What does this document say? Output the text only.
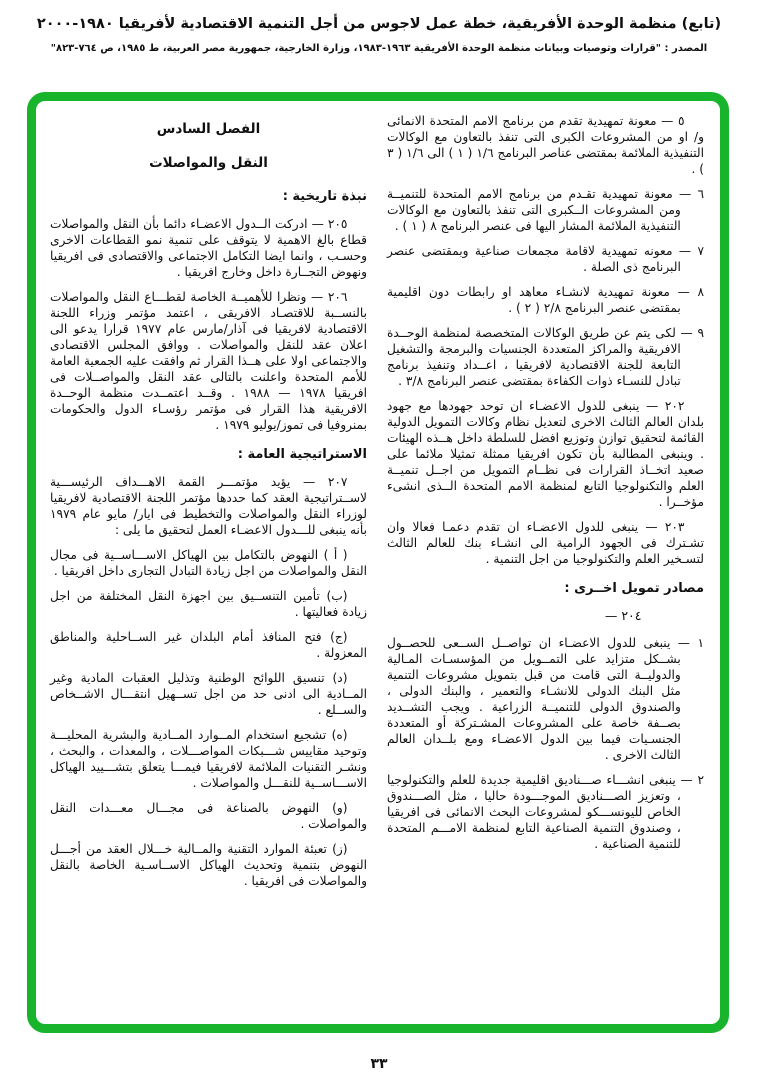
(تابع) منظمة الوحدة الأفريقية، خطة عمل لاجوس من أجل التنمية الاقتصادية لأفريقيا ١٩٨٠-٢٠٠٠
المصدر : "قرارات وتوصيات وبيانات منظمة الوحدة الأفريقية ١٩٦٣-١٩٨٣، وزارة الخارجية، جمهورية مصر العربية، ط ١٩٨٥، ص ٧٦٤-٨٢٣"
٥ — معونة تمهيدية تقدم من برنامج الامم المتحدة الانمائى و/ او من المشروعات الكبرى التى تنفذ بالتعاون مع الوكالات التنفيذية الملائمة بمقتضى عناصر البرنامج ١/٦ ( ١ ) الى ١/٦ ( ٣ ) .
٦ — معونة تمهيدية تقـدم من برنامج الامم المتحدة للتنميــة ومن المشروعات الــكبرى التى تنفذ بالتعاون مع الوكالات التنفيذية الملائمة المشار اليها فى عنصر البرنامج ٨ ( ١ ) .
٧ — معونه تمهيدية لاقامة مجمعات صناعية وبمقتضى عنصر البرنامج ذى الصلة .
٨ — معونة تمهيدية لانشـاء معاهد او رابطات دون اقليمية بمقتضى عنصر البرنامج ٢/٨ ( ٢ ) .
٩ — لكى يتم عن طريق الوكالات المتخصصة لمنظمة الوحــدة الافريقية والمراكز المتعددة الجنسيات والبرمجة والتشغيل التابعة للجنة الاقتصادية لافريقيا ، اعــداد وتنفيذ برنامج تبادل للنسـاء ذوات الكفاءة بمقتضى عنصر البرنامج ٣/٨ .
٢٠٢ — ينبغى للدول الاعضـاء ان توحد جهودها مع جهود بلدان العالم الثالث الاخرى لتعديل نظام وكالات التمويل الدولية القائمة لتحقيق توازن وتوزيع افضل للسلطة داخل هــذه الهيئات . وينبغى المطالبة بأن تكون افريقيا ممثلة تمثيلا ملائما على صعيد اتخــاذ القرارات فى نظــام التمويل من اجــل تنميــة العلم والتكنولوجيا التابع لمنظمة الامم المتحدة الــذى انشىء مؤخــرا .
٢٠٣ — ينبغى للدول الاعضـاء ان تقدم دعمـا فعالا وان تشـترك فى الجهود الرامية الى انشـاء بنك للعالم الثالث لتسـخير العلم والتكنولوجيا من اجل التنمية .
مصادر تمويل اخــرى :
٢٠٤ —
١ — ينبغى للدول الاعضـاء ان تواصــل الســعى للحصــول بشــكل متزايد على التمــويل من المؤسسـات المـالية والدوليــة التى قامت من قبل بتمويل مشروعات التنمية مثل البنك الدولى للانشـاء والتعمير ، والبنك الدولى ، والصندوق الدولى للتنميــة الزراعية . ويجب التشــديد بصــفة خاصة على المشروعات المشـتركة أو المتعددة الجنسـيات فيما بين الدول الاعضـاء ومع بلــدان العالم الثالث الاخرى .
٢ — ينبغى انشـــاء صـــناديق اقليمية جديدة للعلم والتكنولوجيا ، وتعزيز الصـــناديق الموجـــودة حاليا ، مثل الصـــندوق الخاص لليونســـكو لمشروعات البحث الانمائى فى افريقيا ، وصندوق التنمية الصناعية التابع لمنظمة الامـــم المتحدة للتنمية الصناعية .
الفصل السادس
النقل والمواصلات
نبذة تاريخية :
٢٠٥ — ادركت الــدول الاعضـاء دائما بأن النقل والمواصلات قطاع بالغ الاهمية لا يتوقف على تنمية نمو القطاعات الاخرى وحسـب ، وانما ايضا التكامل الاجتماعى والاقتصادى فى افريقيا ونهوض التجــارة داخل وخارج افريقيا .
٢٠٦ — ونظرا للأهميــة الخاصة لقطـــاع النقل والمواصلات بالنســبة للاقتصـاد الافريقى ، اعتمد مؤتمر وزراء اللجنة الاقتصادية لافريقيا فى آذار/مارس عام ١٩٧٧ قرارا يدعو الى اعلان عقد للنقل والمواصلات . ووافق المجلس الاقتصادى والاجتماعى اولا على هــذا القرار ثم وافقت عليه الجمعية العامة للأمم المتحدة واعلنت بالتالى عقد النقل والمواصــلات فى افريقيا ١٩٧٨ — ١٩٨٨ . وقــد اعتمــدت منظمة الوحــدة الافريقية هذا القرار فى مؤتمر رؤسـاء الدول والحكومات بمنروفيا فى تموز/يوليو ١٩٧٩ .
الاستراتيجية العامة :
٢٠٧ — يؤيد مؤتمـــر القمة الاهـــداف الرئيســـية لاســتراتيجية العقد كما حددها مؤتمر اللجنة الاقتصادية لافريقيا لوزراء النقل والمواصلات والتخطيط فى ايار/ مايو عام ١٩٧٩ بأنه ينبغى للـــدول الاعضـاء العمل لتحقيق ما يلى :
( أ ) النهوض بالتكامل بين الهياكل الاســـاســية فى مجال النقل والمواصلات من اجل زيادة التبادل التجارى داخل افريقيا .
(ب) تأمين التنســيق بين اجهزة النقل المختلفة من اجل زيادة فعاليتها .
(ج) فتح المنافذ أمام البلدان غير الســاحلية والمناطق المعزولة .
(د) تنسيق اللوائح الوطنية وتذليل العقبات المادية وغير المــادية الى ادنى حد من اجل تســهيل انتقـــال الاشــخاص والســلع .
(ه) تشجيع استخدام المــوارد المــادية والبشرية المحليـــة وتوحيد مقاييس شـــبكات المواصـــلات ، والمعدات ، والبحث ، ونشـر التقنيات الملائمة لافريقيا فيمـــا يتعلق بتشـــييد الهياكل الاســـاســية للنقـــل والمواصلات .
(و) النهوض بالصناعة فى مجـــال معـــدات النقل والمواصلات .
(ز) تعبئة الموارد التقنية والمــالية خـــلال العقد من أجـــل النهوض بتنمية وتحديث الهياكل الاســاسـية الخاصة بالنقل والمواصلات فى افريقيا .
٣٣
